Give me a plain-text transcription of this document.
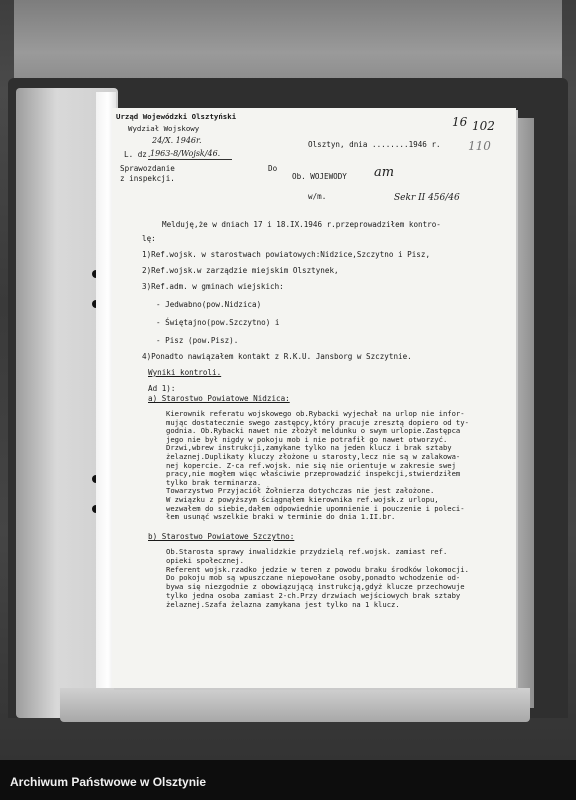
Urząd Wojewódzki Olsztyński
Wydział Wojskowy
24/X. 1946r.
L. dz.
1963-8/Wojsk/46.
Sprawozdanie
z inspekcji.
Olsztyn, dnia ........1946 r.
Do
Ob. WOJEWODY
w/m.
am
Sekr II 456/46
16 102
110
Melduję,że w dniach 17 i 18.IX.1946 r.przeprowadziłem kontro-
lę:
1)Ref.wojsk. w starostwach powiatowych:Nidzice,Szczytno i Pisz,
2)Ref.wojsk.w zarządzie miejskim Olsztynek,
3)Ref.adm. w gminach wiejskich:
- Jedwabno(pow.Nidzica)
- Świętajno(pow.Szczytno) i
- Pisz (pow.Pisz).
4)Ponadto nawiązałem kontakt z R.K.U. Jansborg w Szczytnie.
Wyniki kontroli.
Ad 1):
a) Starostwo Powiatowe Nidzica:
Kierownik referatu wojskowego ob.Rybacki wyjechał na urlop nie infor-
mując dostatecznie swego zastępcy,który pracuje zresztą dopiero od ty-
godnia. Ob.Rybacki nawet nie złożył meldunku o swym urlopie.Zastępca
jego nie był nigdy w pokoju mob i nie potrafił go nawet otworzyć.
Drzwi,wbrew instrukcji,zamykane tylko na jeden klucz i brak sztaby
żelaznej.Duplikaty kluczy złożone u starosty,lecz nie są w zalakowa-
nej kopercie. Z-ca ref.wojsk. nie się nie orientuje w zakresie swej
pracy,nie mogłem więc właściwie przeprowadzić inspekcji,stwierdziłem
tylko brak terminarza.
Towarzystwo Przyjaciół Żołnierza dotychczas nie jest założone.
W związku z powyższym ściągnąłem kierownika ref.wojsk.z urlopu,
wezwałem do siebie,dałem odpowiednie upomnienie i pouczenie i poleci-
łem usunąć wszelkie braki w terminie do dnia 1.II.br.
b) Starostwo Powiatowe Szczytno:
Ob.Starosta sprawy inwalidzkie przydzielą ref.wojsk. zamiast ref.
opieki społecznej.
Referent wojsk.rzadko jedzie w teren z powodu braku środków lokomocji.
Do pokoju mob są wpuszczane niepowołane osoby,ponadto wchodzenie od-
bywa się niezgodnie z obowiązującą instrukcją,gdyż klucze przechowuje
tylko jedna osoba zamiast 2-ch.Przy drzwiach wejściowych brak sztaby
żelaznej.Szafa żelazna zamykana jest tylko na 1 klucz.
Archiwum Państwowe w Olsztynie
